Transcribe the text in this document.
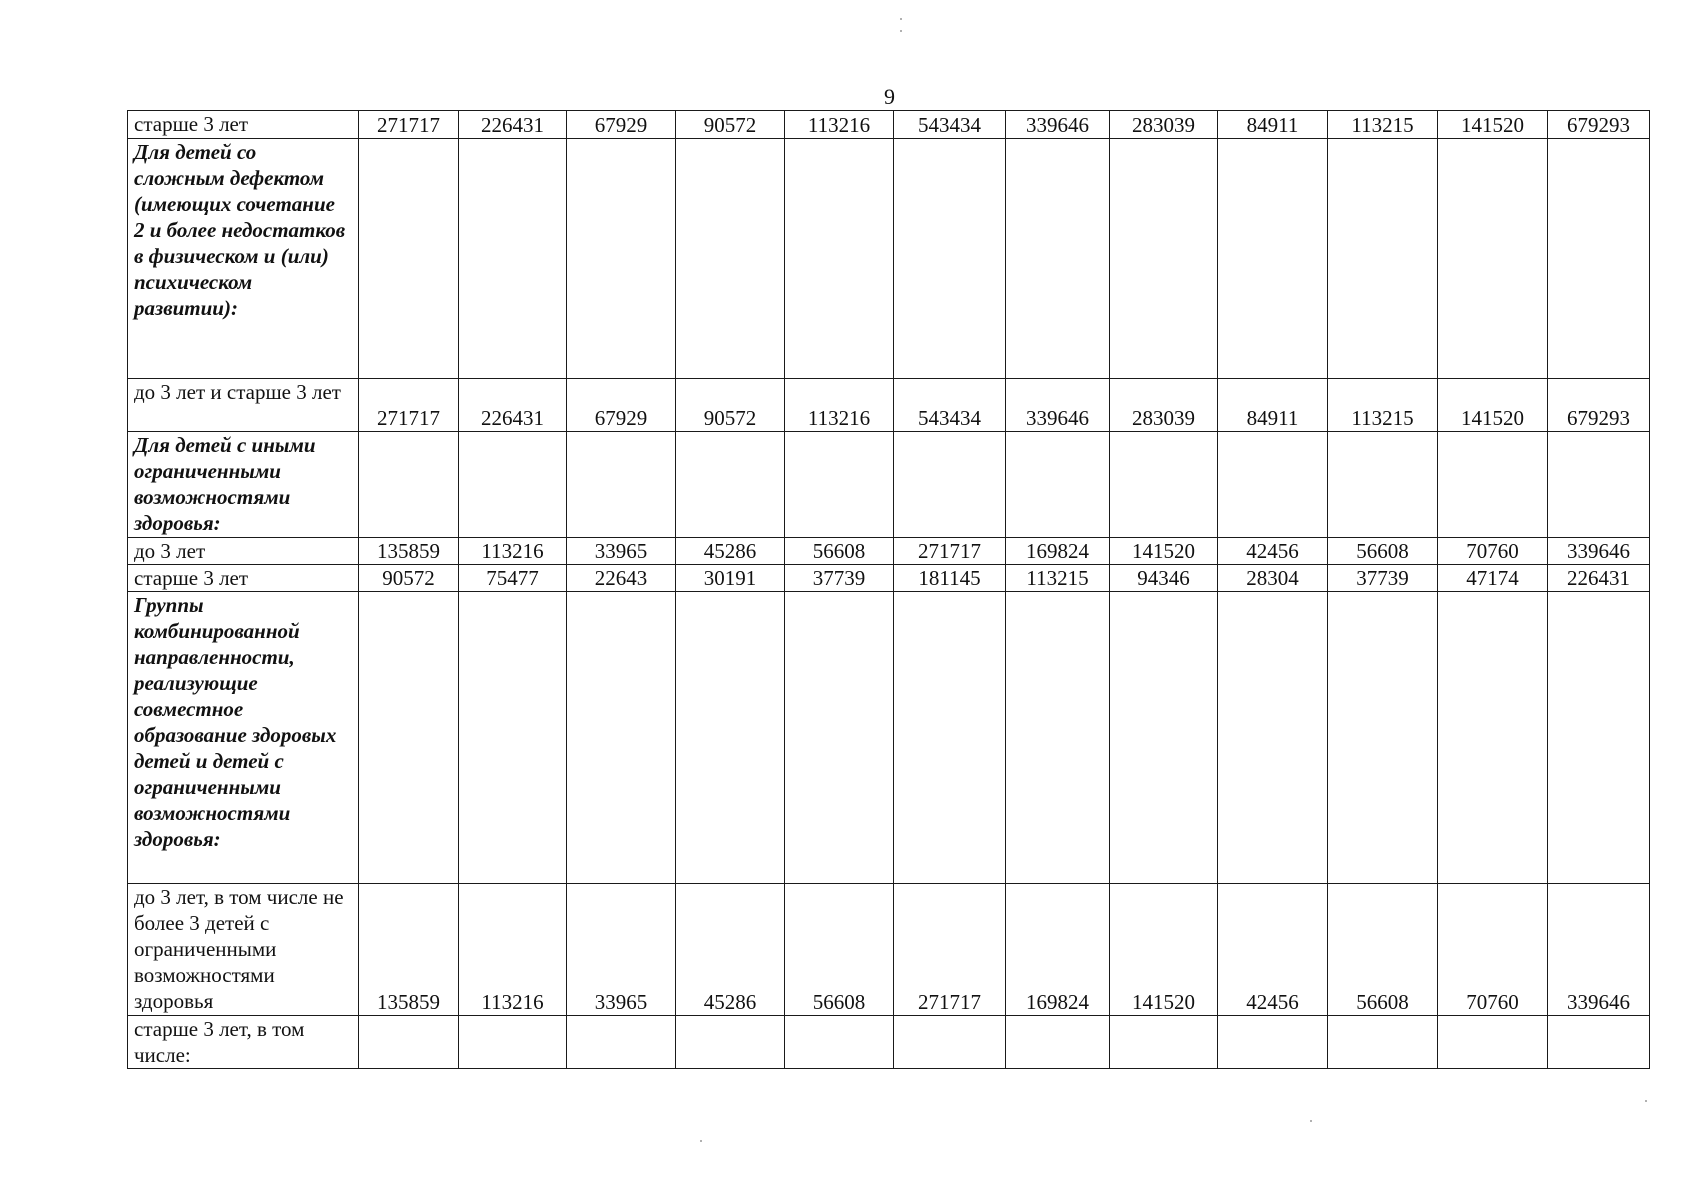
9
старше 3 лет	271717	226431	67929	90572	113216	543434	339646	283039	84911	113215	141520	679293
Для детей со сложным дефектом (имеющих сочетание 2 и более недостатков в физическом и (или) психическом развитии):												
до 3 лет и старше 3 лет	271717	226431	67929	90572	113216	543434	339646	283039	84911	113215	141520	679293
Для детей с иными ограниченными возможностями здоровья:												
до 3 лет	135859	113216	33965	45286	56608	271717	169824	141520	42456	56608	70760	339646
старше 3 лет	90572	75477	22643	30191	37739	181145	113215	94346	28304	37739	47174	226431
Группы комбинированной направленности, реализующие совместное образование здоровых детей и детей с ограниченными возможностями здоровья:												
до 3 лет, в том числе не более 3 детей с ограниченными возможностями здоровья	135859	113216	33965	45286	56608	271717	169824	141520	42456	56608	70760	339646
старше 3 лет, в том числе:												
